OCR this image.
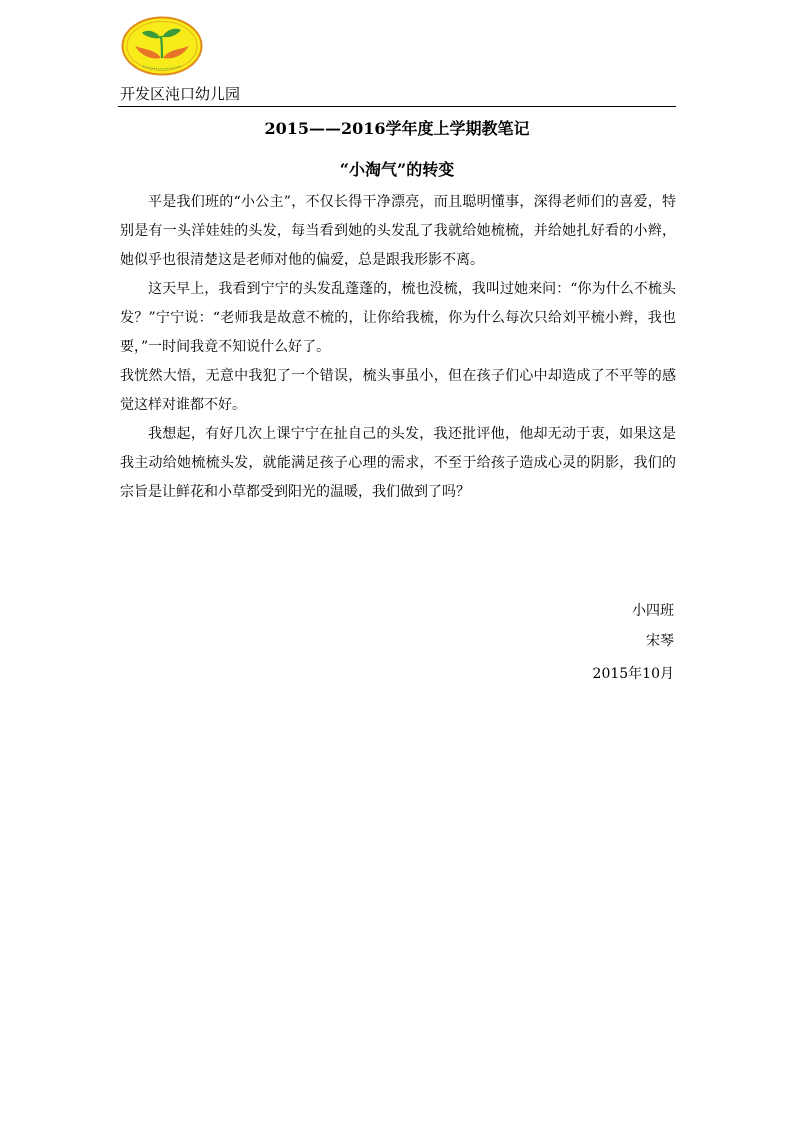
开发区沌口幼儿园
2015——2016学年度上学期教笔记
“小淘气”的转变

平是我们班的“小公主”，不仅长得干净漂亮，而且聪明懂事，深得老师们的喜爱，特别是有一头洋娃娃的头发，每当看到她的头发乱了我就给她梳梳，并给她扎好看的小辫，她似乎也很清楚这是老师对他的偏爱，总是跟我形影不离。

这天早上，我看到宁宁的头发乱蓬蓬的，梳也没梳，我叫过她来问：“你为什么不梳头发？”宁宁说：“老师我是故意不梳的，让你给我梳，你为什么每次只给刘平梳小辫，我也要，”一时间我竟不知说什么好了。

我恍然大悟，无意中我犯了一个错误，梳头事虽小，但在孩子们心中却造成了不平等的感觉这样对谁都不好。

我想起，有好几次上课宁宁在扯自己的头发，我还批评他，他却无动于衷，如果这是我主动给她梳梳头发，就能满足孩子心理的需求，不至于给孩子造成心灵的阴影，我们的宗旨是让鲜花和小草都受到阳光的温暖，我们做到了吗？

小四班
宋琴
2015年10月
